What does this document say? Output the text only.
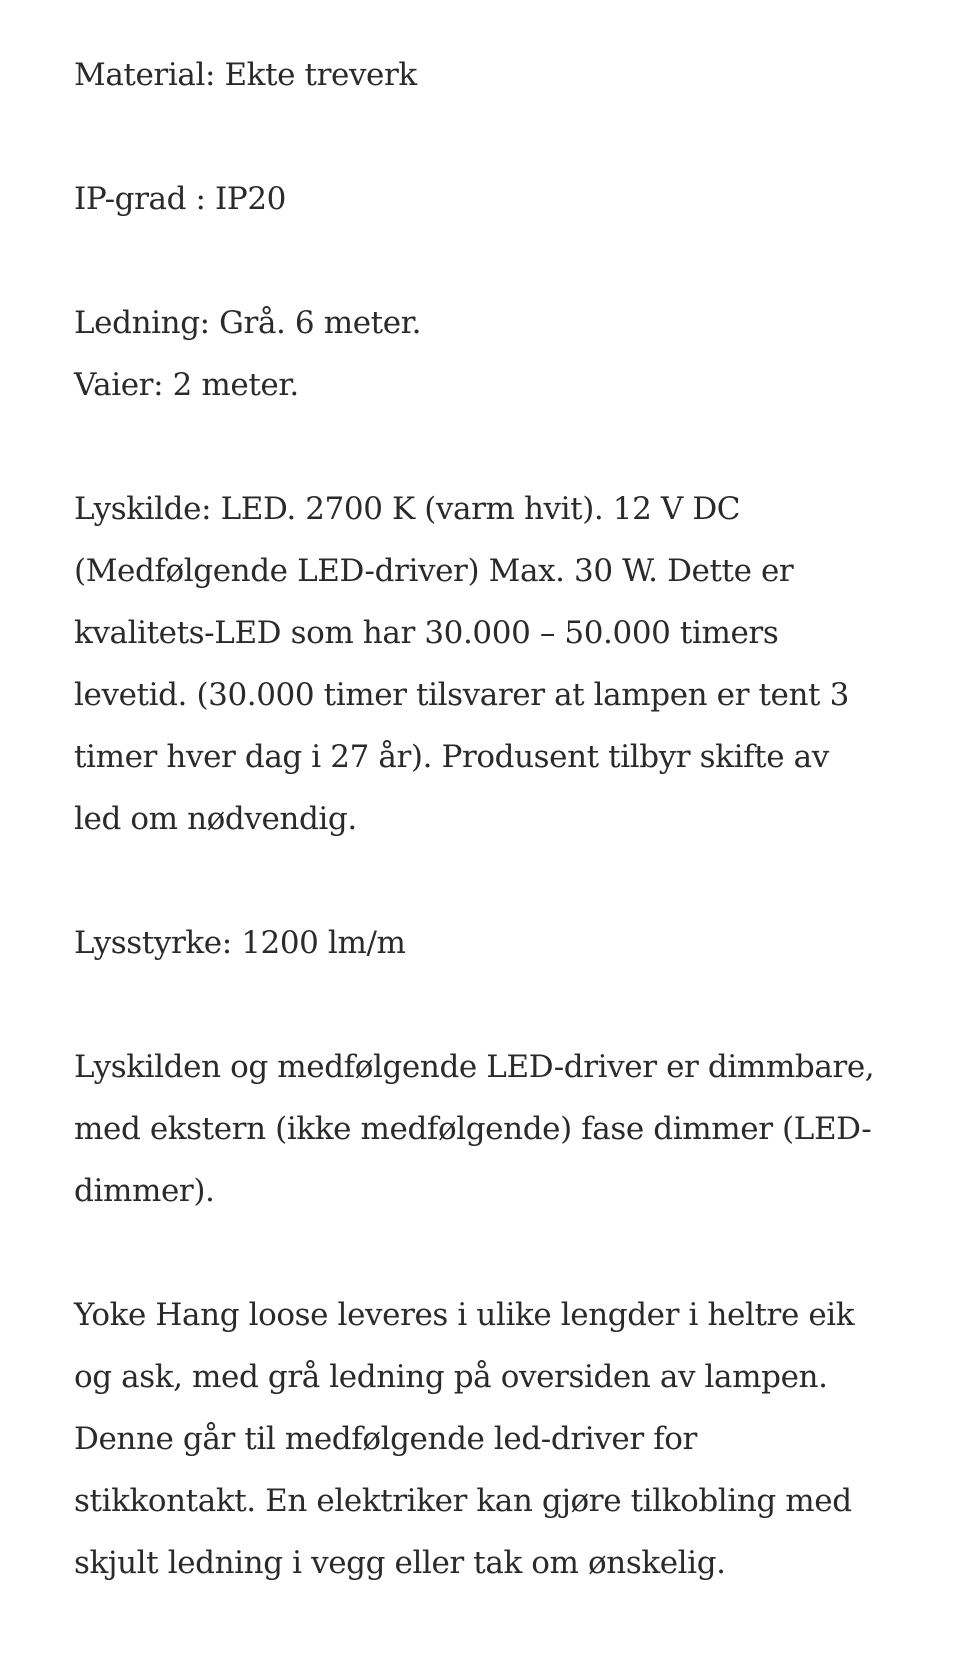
Material: Ekte treverk

IP-grad : IP20

Ledning: Grå. 6 meter.
Vaier: 2 meter.

Lyskilde: LED. 2700 K (varm hvit). 12 V DC
(Medfølgende LED-driver) Max. 30 W. Dette er
kvalitets-LED som har 30.000 – 50.000 timers
levetid. (30.000 timer tilsvarer at lampen er tent 3
timer hver dag i 27 år). Produsent tilbyr skifte av
led om nødvendig.

Lysstyrke: 1200 lm/m

Lyskilden og medfølgende LED-driver er dimmbare,
med ekstern (ikke medfølgende) fase dimmer (LED-
dimmer).

Yoke Hang loose leveres i ulike lengder i heltre eik
og ask, med grå ledning på oversiden av lampen.
Denne går til medfølgende led-driver for
stikkontakt. En elektriker kan gjøre tilkobling med
skjult ledning i vegg eller tak om ønskelig.
